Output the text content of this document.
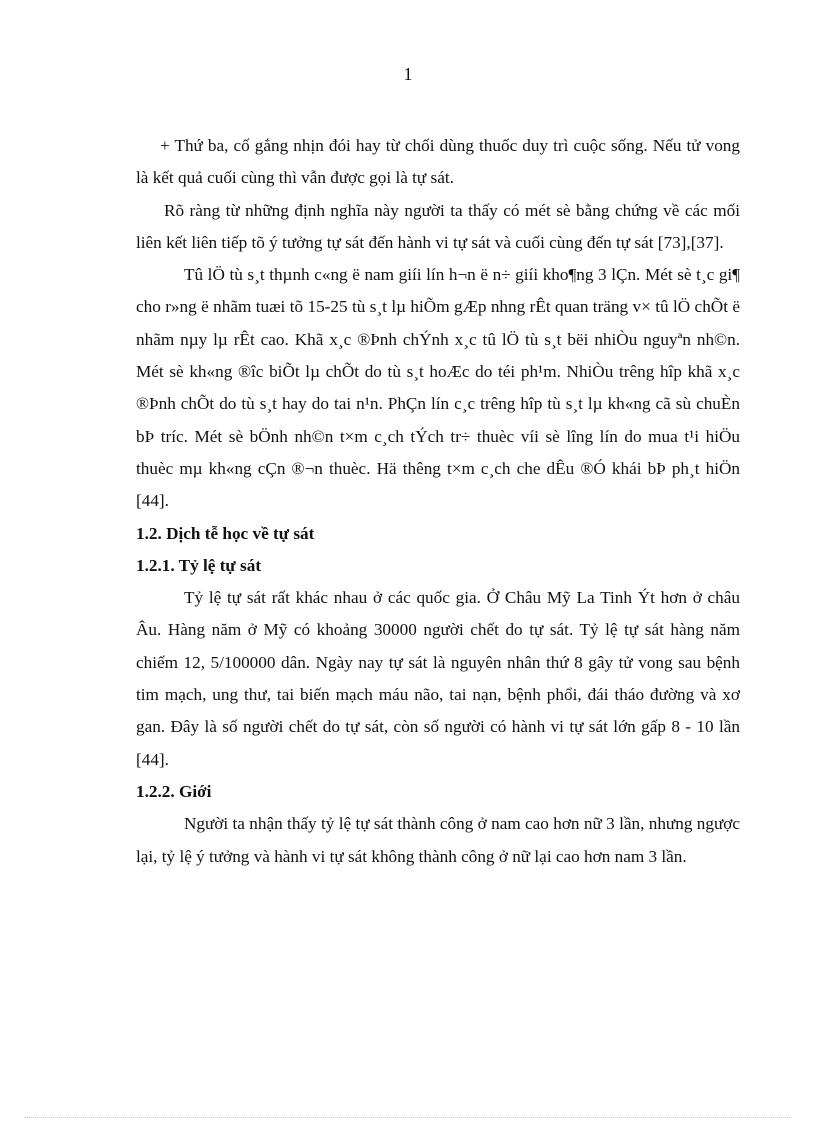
1

+ Thứ ba, cố gắng nhịn đói hay từ chối dùng thuốc duy trì cuộc sống. Nếu tử vong là kết quả cuối cùng thì vẫn được gọi là tự sát.

Rõ ràng từ những định nghĩa này người ta thấy có mét sè bằng chứng về các mối liên kết liên tiếp tõ ý tưởng tự sát đến hành vi tự sát và cuối cùng đến tự sát [73],[37].

Tû lÖ tù s¸t thµnh c«ng ë nam giíi lín h¬n ë n÷ giíi kho¶ng 3 lÇn. Mét sè t¸c gi¶ cho r»ng ë nhãm tuæi tõ 15-25 tù s¸t lµ hiÕm gÆp nhng rÊt quan träng v× tû lÖ chÕt ë nhãm nµy lµ rÊt cao. Khã x¸c ®Þnh chÝnh x¸c tû lÖ tù s¸t bëi nhiÒu nguyªn nh©n. Mét sè kh«ng ®îc biÕt lµ chÕt do tù s¸t hoÆc do téi ph¹m. NhiÒu trêng hîp khã x¸c ®Þnh chÕt do tù s¸t hay do tai n¹n. PhÇn lín c¸c trêng hîp tù s¸t lµ kh«ng cã sù chuÈn bÞ tríc. Mét sè bÖnh nh©n t×m c¸ch tÝch tr÷ thuèc víi sè lîng lín do mua t¹i hiÖu thuèc mµ kh«ng cÇn ®¬n thuèc. Hä thêng t×m c¸ch che dÊu ®Ó khái bÞ ph¸t hiÖn [44].

1.2. Dịch tễ học về tự sát

1.2.1. Tỷ lệ tự sát

Tỷ lệ tự sát rất khác nhau ở các quốc gia. Ở Châu Mỹ La Tinh Ýt hơn ở châu Âu. Hàng năm ở Mỹ có khoảng 30000 người chết do tự sát. Tỷ lệ tự sát hàng năm chiếm 12, 5/100000 dân. Ngày nay tự sát là nguyên nhân thứ 8 gây tử vong sau bệnh tim mạch, ung thư, tai biến mạch máu não, tai nạn, bệnh phổi, đái tháo đường và xơ gan. Đây là số người chết do tự sát, còn số người có hành vi tự sát lớn gấp 8 - 10 lần [44].

1.2.2. Giới

Người ta nhận thấy tỷ lệ tự sát thành công ở nam cao hơn nữ 3 lần, nhưng ngược lại, tỷ lệ ý tưởng và hành vi tự sát không thành công ở nữ lại cao hơn nam 3 lần.
